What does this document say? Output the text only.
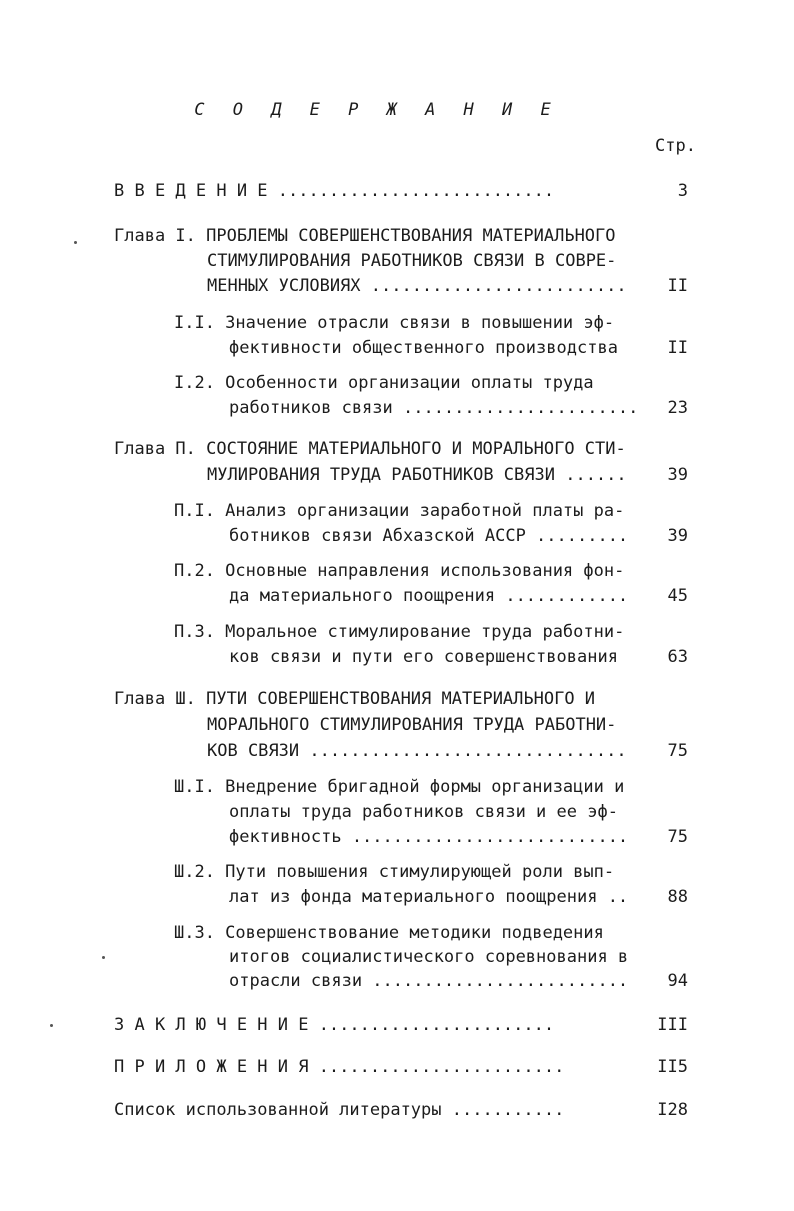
С О Д Е Р Ж А Н И Е
Стр.
В В Е Д Е Н И Е ...........................	3
Глава I. ПРОБЛЕМЫ СОВЕРШЕНСТВОВАНИЯ МАТЕРИАЛЬНОГО
СТИМУЛИРОВАНИЯ РАБОТНИКОВ СВЯЗИ В СОВРЕ-
МЕННЫХ УСЛОВИЯХ .........................	II
I.I. Значение отрасли связи в повышении эф-
фективности общественного производства	II
I.2. Особенности организации оплаты труда
работников связи .......................	23
Глава П. СОСТОЯНИЕ МАТЕРИАЛЬНОГО И МОРАЛЬНОГО СТИ-
МУЛИРОВАНИЯ ТРУДА РАБОТНИКОВ СВЯЗИ ......	39
П.I. Анализ организации заработной платы ра-
ботников связи Абхазской АССР .........	39
П.2. Основные направления использования фон-
да материального поощрения ............	45
П.3. Моральное стимулирование труда работни-
ков связи и пути его совершенствования	63
Глава Ш. ПУТИ СОВЕРШЕНСТВОВАНИЯ МАТЕРИАЛЬНОГО И
МОРАЛЬНОГО СТИМУЛИРОВАНИЯ ТРУДА РАБОТНИ-
КОВ СВЯЗИ ...............................	75
Ш.I. Внедрение бригадной формы организации и
оплаты труда работников связи и ее эф-
фективность ...........................	75
Ш.2. Пути повышения стимулирующей роли вып-
лат из фонда материального поощрения ..	88
Ш.3. Совершенствование методики подведения
итогов социалистического соревнования в
отрасли связи .........................	94
З А К Л Ю Ч Е Н И Е .......................	III
П Р И Л О Ж Е Н И Я ........................	II5
Список использованной литературы ...........	I28
